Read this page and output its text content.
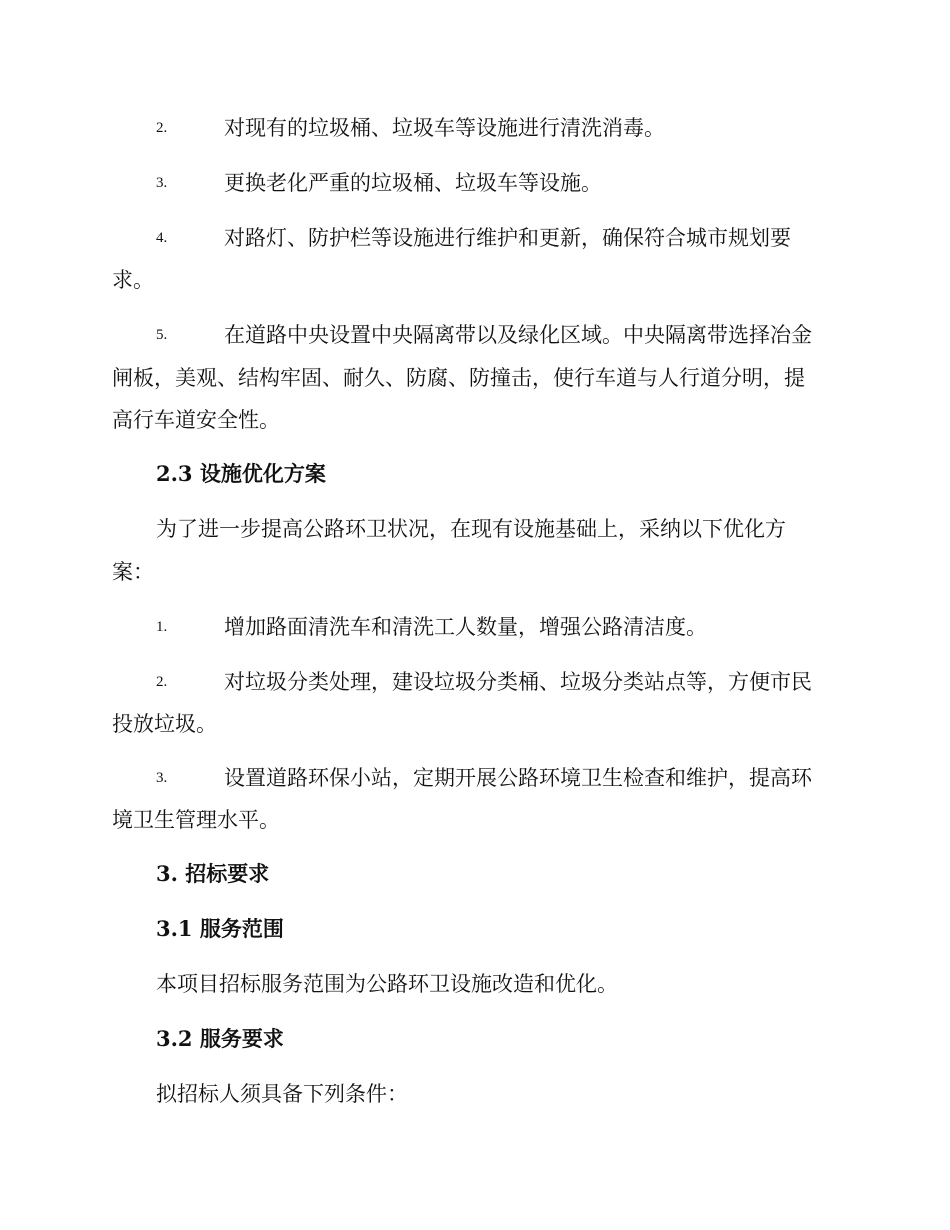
2.	对现有的垃圾桶、垃圾车等设施进行清洗消毒。
3.	更换老化严重的垃圾桶、垃圾车等设施。
4.	对路灯、防护栏等设施进行维护和更新，确保符合城市规划要
求。
5.	在道路中央设置中央隔离带以及绿化区域。中央隔离带选择冶金
闸板，美观、结构牢固、耐久、防腐、防撞击，使行车道与人行道分明，提
高行车道安全性。
2.3 设施优化方案
为了进一步提高公路环卫状况，在现有设施基础上，采纳以下优化方
案：
1.	增加路面清洗车和清洗工人数量，增强公路清洁度。
2.	对垃圾分类处理，建设垃圾分类桶、垃圾分类站点等，方便市民
投放垃圾。
3.	设置道路环保小站，定期开展公路环境卫生检查和维护，提高环
境卫生管理水平。
3. 招标要求
3.1 服务范围
本项目招标服务范围为公路环卫设施改造和优化。
3.2 服务要求
拟招标人须具备下列条件：
